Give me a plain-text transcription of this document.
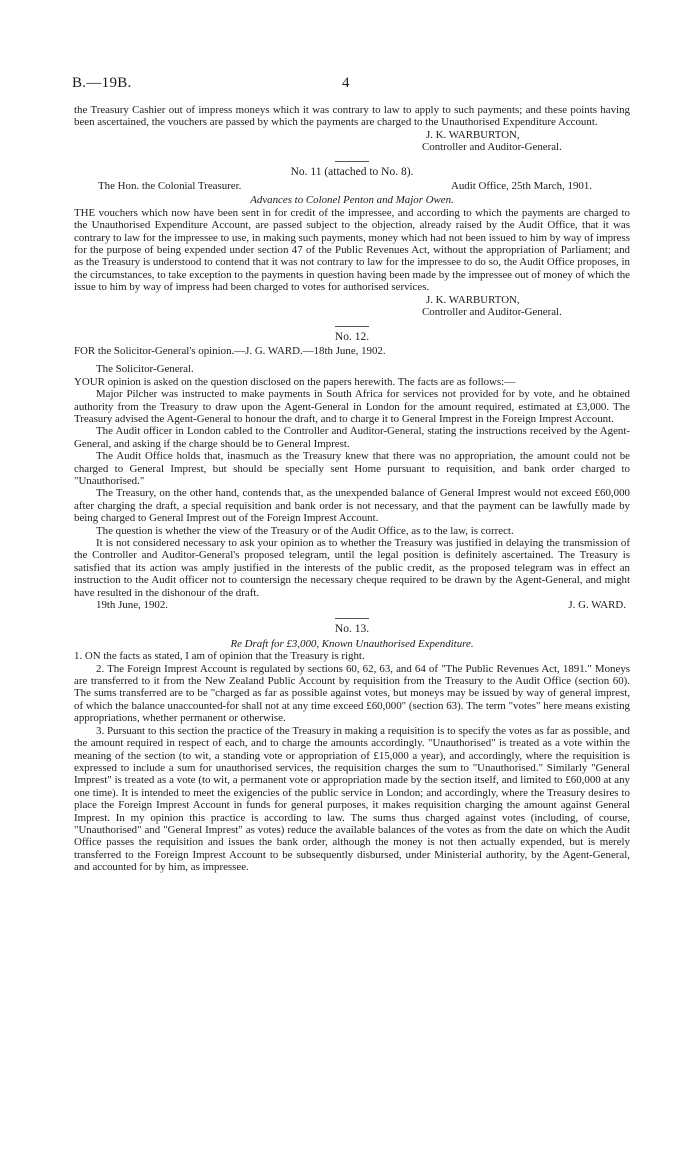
B.—19B.	4

the Treasury Cashier out of impress moneys which it was contrary to law to apply to such payments; and these points having been ascertained, the vouchers are passed by which the payments are charged to the Unauthorised Expenditure Account.

J. K. WARBURTON,
Controller and Auditor-General.
No. 11 (attached to No. 8).
The Hon. the Colonial Treasurer.	Audit Office, 25th March, 1901.
Advances to Colonel Penton and Major Owen.

THE vouchers which now have been sent in for credit of the impressee, and according to which the payments are charged to the Unauthorised Expenditure Account, are passed subject to the objection, already raised by the Audit Office, that it was contrary to law for the impressee to use, in making such payments, money which had not been issued to him by way of impress for the purpose of being expended under section 47 of the Public Revenues Act, without the appropriation of Parliament; and as the Treasury is understood to contend that it was not contrary to law for the impressee to do so, the Audit Office proposes, in the circumstances, to take exception to the payments in question having been made by the impressee out of money of which the issue to him by way of impress had been charged to votes for authorised services.

J. K. WARBURTON,
Controller and Auditor-General.
No. 12.

FOR the Solicitor-General's opinion.—J. G. WARD.—18th June, 1902.

The Solicitor-General.

YOUR opinion is asked on the question disclosed on the papers herewith. The facts are as follows:—

Major Pilcher was instructed to make payments in South Africa for services not provided for by vote, and he obtained authority from the Treasury to draw upon the Agent-General in London for the amount required, estimated at £3,000. The Treasury advised the Agent-General to honour the draft, and to charge it to General Imprest in the Foreign Imprest Account.

The Audit officer in London cabled to the Controller and Auditor-General, stating the instructions received by the Agent-General, and asking if the charge should be to General Imprest.

The Audit Office holds that, inasmuch as the Treasury knew that there was no appropriation, the amount could not be charged to General Imprest, but should be specially sent Home pursuant to requisition, and bank order charged to "Unauthorised."

The Treasury, on the other hand, contends that, as the unexpended balance of General Imprest would not exceed £60,000 after charging the draft, a special requisition and bank order is not necessary, and that the payment can be lawfully made by being charged to General Imprest out of the Foreign Imprest Account.

The question is whether the view of the Treasury or of the Audit Office, as to the law, is correct.

It is not considered necessary to ask your opinion as to whether the Treasury was justified in delaying the transmission of the Controller and Auditor-General's proposed telegram, until the legal position is definitely ascertained. The Treasury is satisfied that its action was amply justified in the interests of the public credit, as the proposed telegram was in effect an instruction to the Audit officer not to countersign the necessary cheque required to be drawn by the Agent-General, and might have resulted in the dishonour of the draft.

19th June, 1902.	J. G. WARD.
No. 13.
Re Draft for £3,000, Known Unauthorised Expenditure.

1. ON the facts as stated, I am of opinion that the Treasury is right.

2. The Foreign Imprest Account is regulated by sections 60, 62, 63, and 64 of "The Public Revenues Act, 1891." Moneys are transferred to it from the New Zealand Public Account by requisition from the Treasury to the Audit Office (section 60). The sums transferred are to be "charged as far as possible against votes, but moneys may be issued by way of general imprest, of which the balance unaccounted-for shall not at any time exceed £60,000" (section 63). The term "votes" here means existing appropriations, whether permanent or otherwise.

3. Pursuant to this section the practice of the Treasury in making a requisition is to specify the votes as far as possible, and the amount required in respect of each, and to charge the amounts accordingly. "Unauthorised" is treated as a vote within the meaning of the section (to wit, a standing vote or appropriation of £15,000 a year), and accordingly, where the requisition is expressed to include a sum for unauthorised services, the requisition charges the sum to "Unauthorised." Similarly "General Imprest" is treated as a vote (to wit, a permanent vote or appropriation made by the section itself, and limited to £60,000 at any one time). It is intended to meet the exigencies of the public service in London; and accordingly, where the Treasury desires to place the Foreign Imprest Account in funds for general purposes, it makes requisition charging the amount against General Imprest. In my opinion this practice is according to law. The sums thus charged against votes (including, of course, "Unauthorised" and "General Imprest" as votes) reduce the available balances of the votes as from the date on which the Audit Office passes the requisition and issues the bank order, although the money is not then actually expended, but is merely transferred to the Foreign Imprest Account to be subsequently disbursed, under Ministerial authority, by the Agent-General, and accounted for by him, as impressee.
